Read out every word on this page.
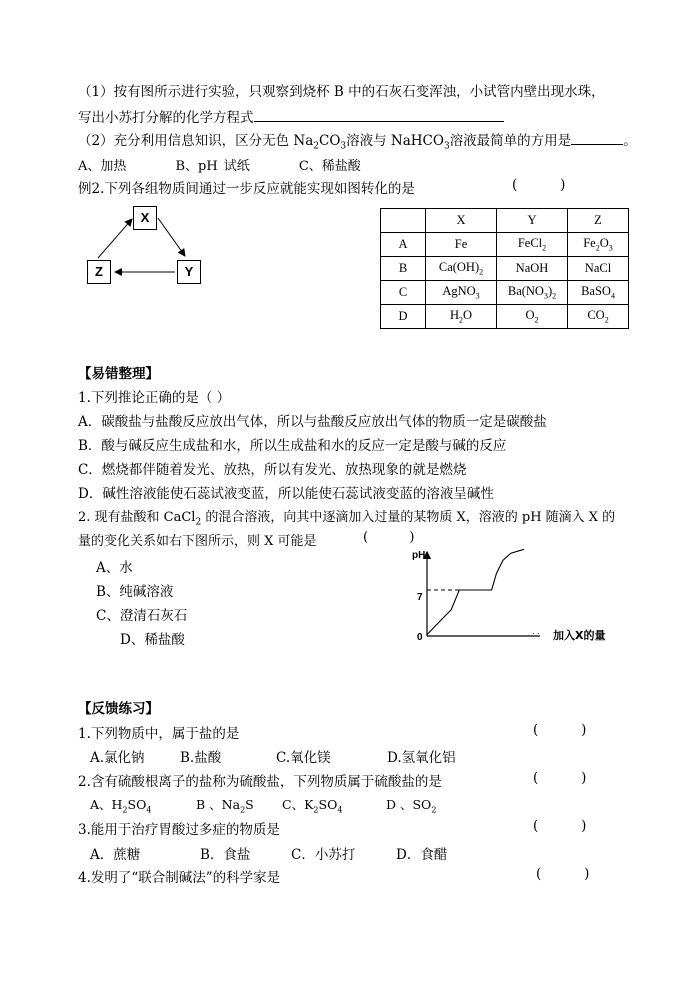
（1）按有图所示进行实验，只观察到烧杯 B 中的石灰石变浑浊，小试管内壁出现水珠，
写出小苏打分解的化学方程式
（2）充分利用信息知识，区分无色 $Na_2CO_3$溶液与 NaHCO$_3$溶液最简单的方用是	。
A、加热        B、pH 试纸        C、稀盐酸
例2.下列各组物质间通过一步反应就能实现如图转化的是	(          )
X
Y
Z
	X	Y	Z
A	Fe	FeCl$_2$	$Fe_2O_3$
B	$Ca(OH)_2$	NaOH	NaCl
C	AgNO$_3$	$Ba(NO_3)_2$	BaSO$_4$
D	$H_2O$	$O_2$	$CO_2$
【易错整理】
1.下列推论正确的是（ ）
A．碳酸盐与盐酸反应放出气体，所以与盐酸反应放出气体的物质一定是碳酸盐
B．酸与碱反应生成盐和水，所以生成盐和水的反应一定是酸与碱的反应
C．燃烧都伴随着发光、放热，所以有发光、放热现象的就是燃烧
D．碱性溶液能使石蕊试液变蓝，所以能使石蕊试液变蓝的溶液呈碱性
2. 现有盐酸和 CaCl$_2$ 的混合溶液，向其中逐滴加入过量的某物质 X，溶液的 pH 随滴入 X 的
量的变化关系如右下图所示，则 X 可能是	(          )
A、水
B、纯碱溶液
C、澄清石灰石
D、稀盐酸
. .
pH
0
7
加入X的量
【反馈练习】
1.下列物质中，属于盐的是	(          )
A.氯化钠	B.盐酸	C.氧化镁	D.氢氧化铝
2.含有硫酸根离子的盐称为硫酸盐，下列物质属于硫酸盐的是	(          )
A、$H_2SO_4$	B 、$Na_2S$ C、$K_2SO_4$	D 、$SO_2$
3.能用于治疗胃酸过多症的物质是	(          )
A．蔗糖	B．食盐	C．小苏打	D．食醋
4.发明了“联合制碱法”的科学家是	(          )
